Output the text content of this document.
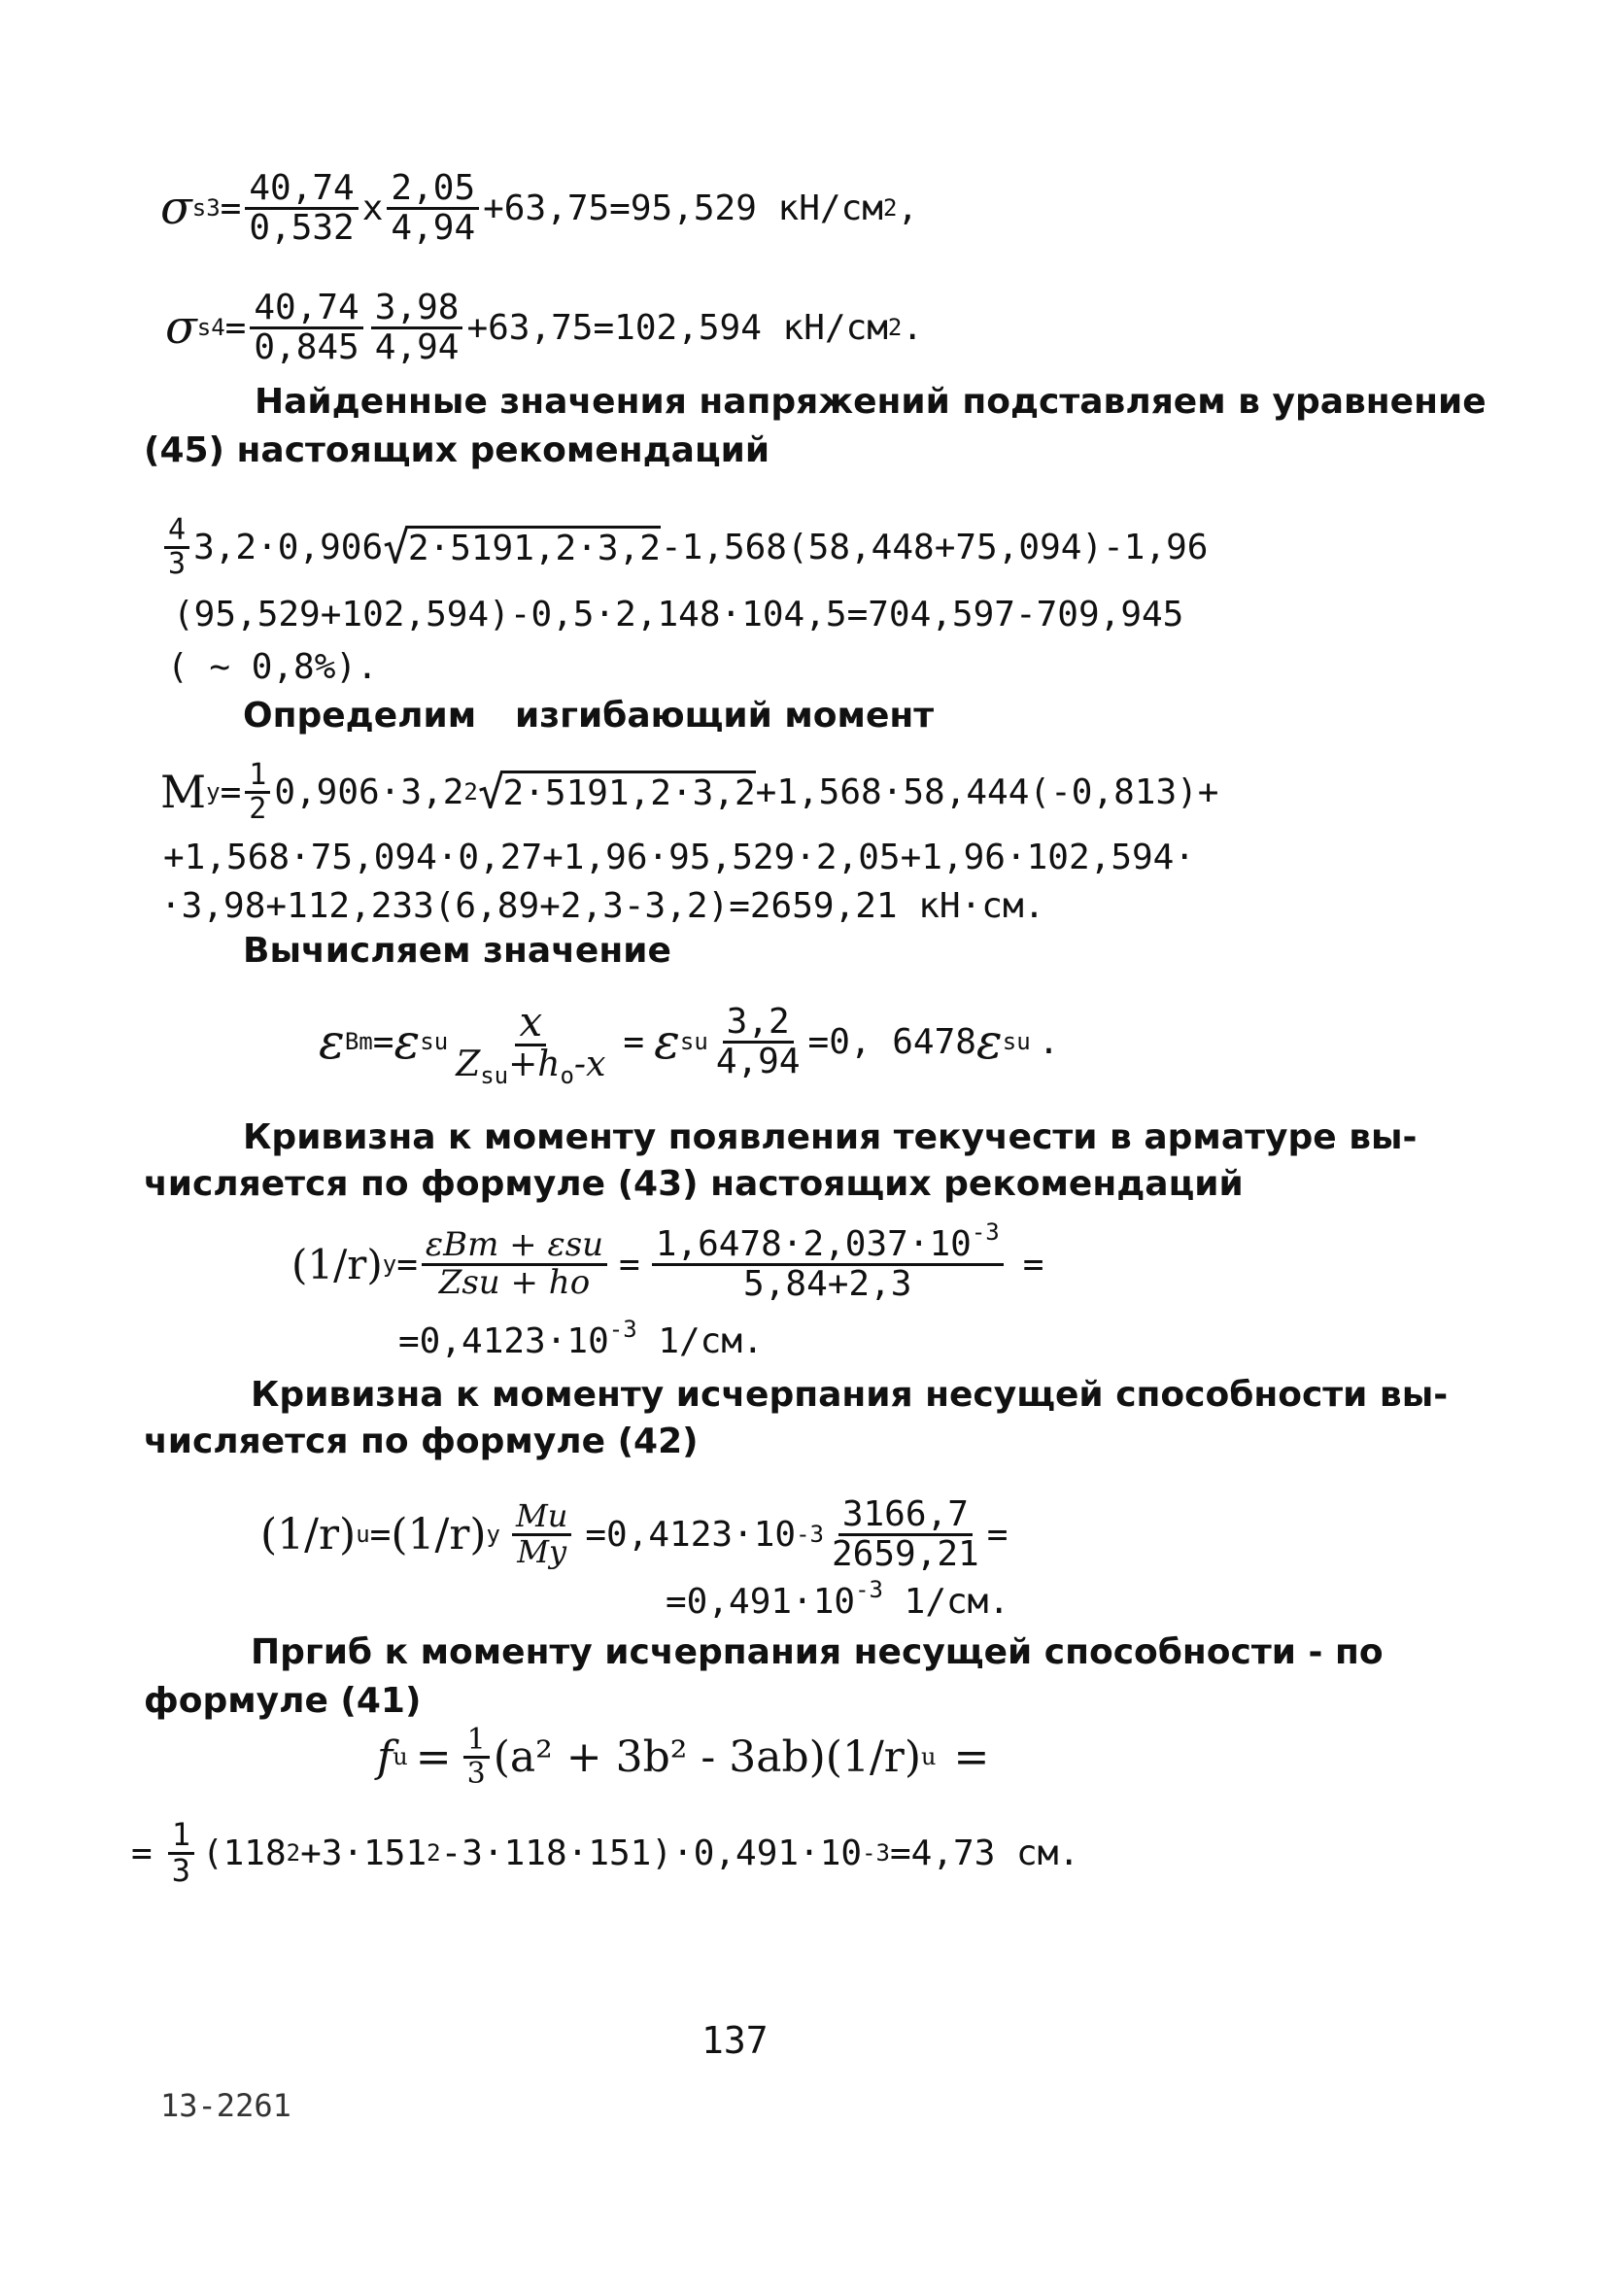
σ $s3 = \frac{40,74}{0,532}$ x $\frac{2,05}{4,94} +63,75=95,529$ кН/см 2 ,
σ $s4 = \frac{40,74}{0,845} \frac{3,98}{4,94} +63,75=102,594$ кН/см 2 .
Найденные значения напряжений подставляем в уравнение
(45) настоящих рекомендаций
$\frac{4}{3} 3,2\cdot 0,906$ √
2·5191,2·3,2 -1,568(58,448+75,094)-1,96
(95,529+102,594)-0,5·2,148·104,5=704,597-709,945
( ~ 0,8%).
Определим изгибающий момент
M $y = \frac{1}{2} 0,906\cdot 3,2$ 2 √
2·5191,2·3,2 +1,568·58,444(-0,813)+
+1,568·75,094·0,27+1,96·95,529·2,05+1,96·102,594·
·3,98+112,233(6,89+2,3-3,2)=2659,21 кН·см.
Вычисляем значение
ε Bm = ε su $\frac{x}{Z_{su}+h_o-x} = \varepsilon$ su $\frac{3,2}{4,94} =0$, 6478 ε su .
Кривизна к моменту появления текучести в арматуре вы-
числяется по формуле (43) настоящих рекомендаций
(1/r) $y = \frac{\text{εBm + εsu}}{\text{Zsu + ho}} = \frac{1,6478\cdot 2,037\cdot 10^{-3}}{5,84+2,3}$ =
$=0,4123\cdot 10^{-3}$ 1/см.
Кривизна к моменту исчерпания несущей способности вы-
числяется по формуле (42)
(1/r) u = (1/r) y $\frac{Mu}{My} =0,4123\cdot 10$ $-3 \frac{3166,7}{2659,21}$ =
$=0,491\cdot 10^{-3}$ 1/см.
Пргиб к моменту исчерпания несущей способности - по
формуле (41)
f $u = \frac{1}{3} (a^2 + 3b^2 - 3ab)(1/r) u$ =
= $\frac{1}{3} (118$ 2 +3·151 2 -3·118·151)·0,491·10 -3 =4,73 см.
137
13-2261
